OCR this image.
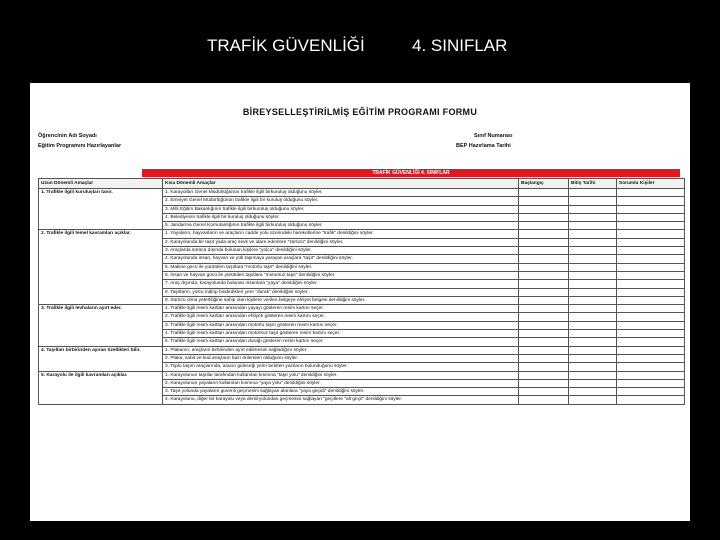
TRAFİK GÜVENLİĞİ

	4. SINIFLAR

BİREYSELLEŞTİRİLMİŞ EĞİTİM PROGRAMI FORMU
Öğrencinin Adı Soyadı
Eğitim Programını Hazırlayanlar
Sınıf Numarası
BEP Hazırlama Tarihi
TRAFİK GÜVENLİĞİ 4. SINIFLAR
Uzun Dönemli Amaçlar	Kısa Dönemli Amaçlar	Başlangıç	Bitiş Tarihi	Sorumlu Kişiler
1. Trafikle ilgili kuruluşları tanır.	1. Karayolları Genel Müdürlüğünün trafikle ilgili birkuruluş olduğunu söyler.			
	2. Emniyet Genel Müdürlüğünün trafikle ilgili bir kuruluş olduğunu söyler.			
	3. Milli Eğitim Bakanlığının trafikle ilgili birkuruluş olduğunu söyler.			
	4. Belediyenin trafikle ilgili bir kuruluş olduğunu söyler.			
	5. Jandarma Genel Komutanlığının trafikle ilgili birkuruluş olduğunu söyler.			
2. Trafikle ilgili temel kavramları açıklar.	1. Yayaların, hayvanların ve araçların cadde yolu üzerindeki hareketlerine "trafik" denildiğini söyler.			
	2. Karayolunda bir taşıt yada araç sevk ve idare edenlere "sürücü" denildiğini söyler.			
	3. Araçlarda sürücü dışında bulunan kişilere "yolcu" denildiğini söyler.			
	4. Karayolunda insan, hayvan ve yük taşımaya yarayan araçlara "taşıt" denildiğini söyler.			
	5. Makine gücü ile yürütülen taşıtlara "motorlu taşıt" denildiğini söyler.			
	6. İnsan ve hayvan gücü ile yürütülen taşıtlara "motorsuz taşıt" denildiğini söyler.			
	7. Araç dışında, karayolunda bulunan insanlara "yaya" denildiğini söyler.			
	8. Taşıtların, yolcu indirip bindirdikleri yere "durak" denildiğini söyler.			
	9. Sürücü olma yeterliliğine sahip olan kişilere verilen belgeye ehliyet belgesi denildiğini söyler.			
3. Trafikle ilgili levhaların ayırt eder.	1. Trafikle ilgili resim kartları arasından yayayı gösteren resim kartını seçer.			
	2. Trafikle ilgili resim kartları arasından ehliyeti gösteren resim kartını seçer.			
	3. Trafikle ilgili resim kartları arasından motorlu taşıtı gösteren resim kartını seçer.			
	4. Trafikle ilgili resim kartları arasından motorsuz taşıt gösteren resim kartını seçer.			
	5. Trafikle ilgili resim kartları arasından durağı gösteren resim kartını seçer.			
4. Taşıtları birbirinden ayıran özellikleri bilir.	1. Plakanın, araçların birbirinden ayırt edilmesini sağladığını söyler.			
	2. Plaka, sabit ve kod araçların bazı önlemleri olduğunu söyler.			
	3. Toplu taşım araçlarında, aracın gideceği yerin belirten yazıların bulunduğunu söyler.			
5. Karayolu ile ilgili kavramları açıklar.	1. Karayolunun taşıtlar tarafından kullanılan kısmına "taşıt yolu" denildiğini söyler.			
	2. Karayolunun yayaların kullanılan kısmına "yaya yolu" denildiğini söyler.			
	3. Taşıt yolunda yayaların güvenli geçmesini sağlayan alanlara "yaya geçidi" denildiğini söyler.			
	4. Karayolunu, diğer bir karayolu veya demiryolundan geçmesini sağlayan "geçitlere "alt geçit" denildiğini söyler.			
